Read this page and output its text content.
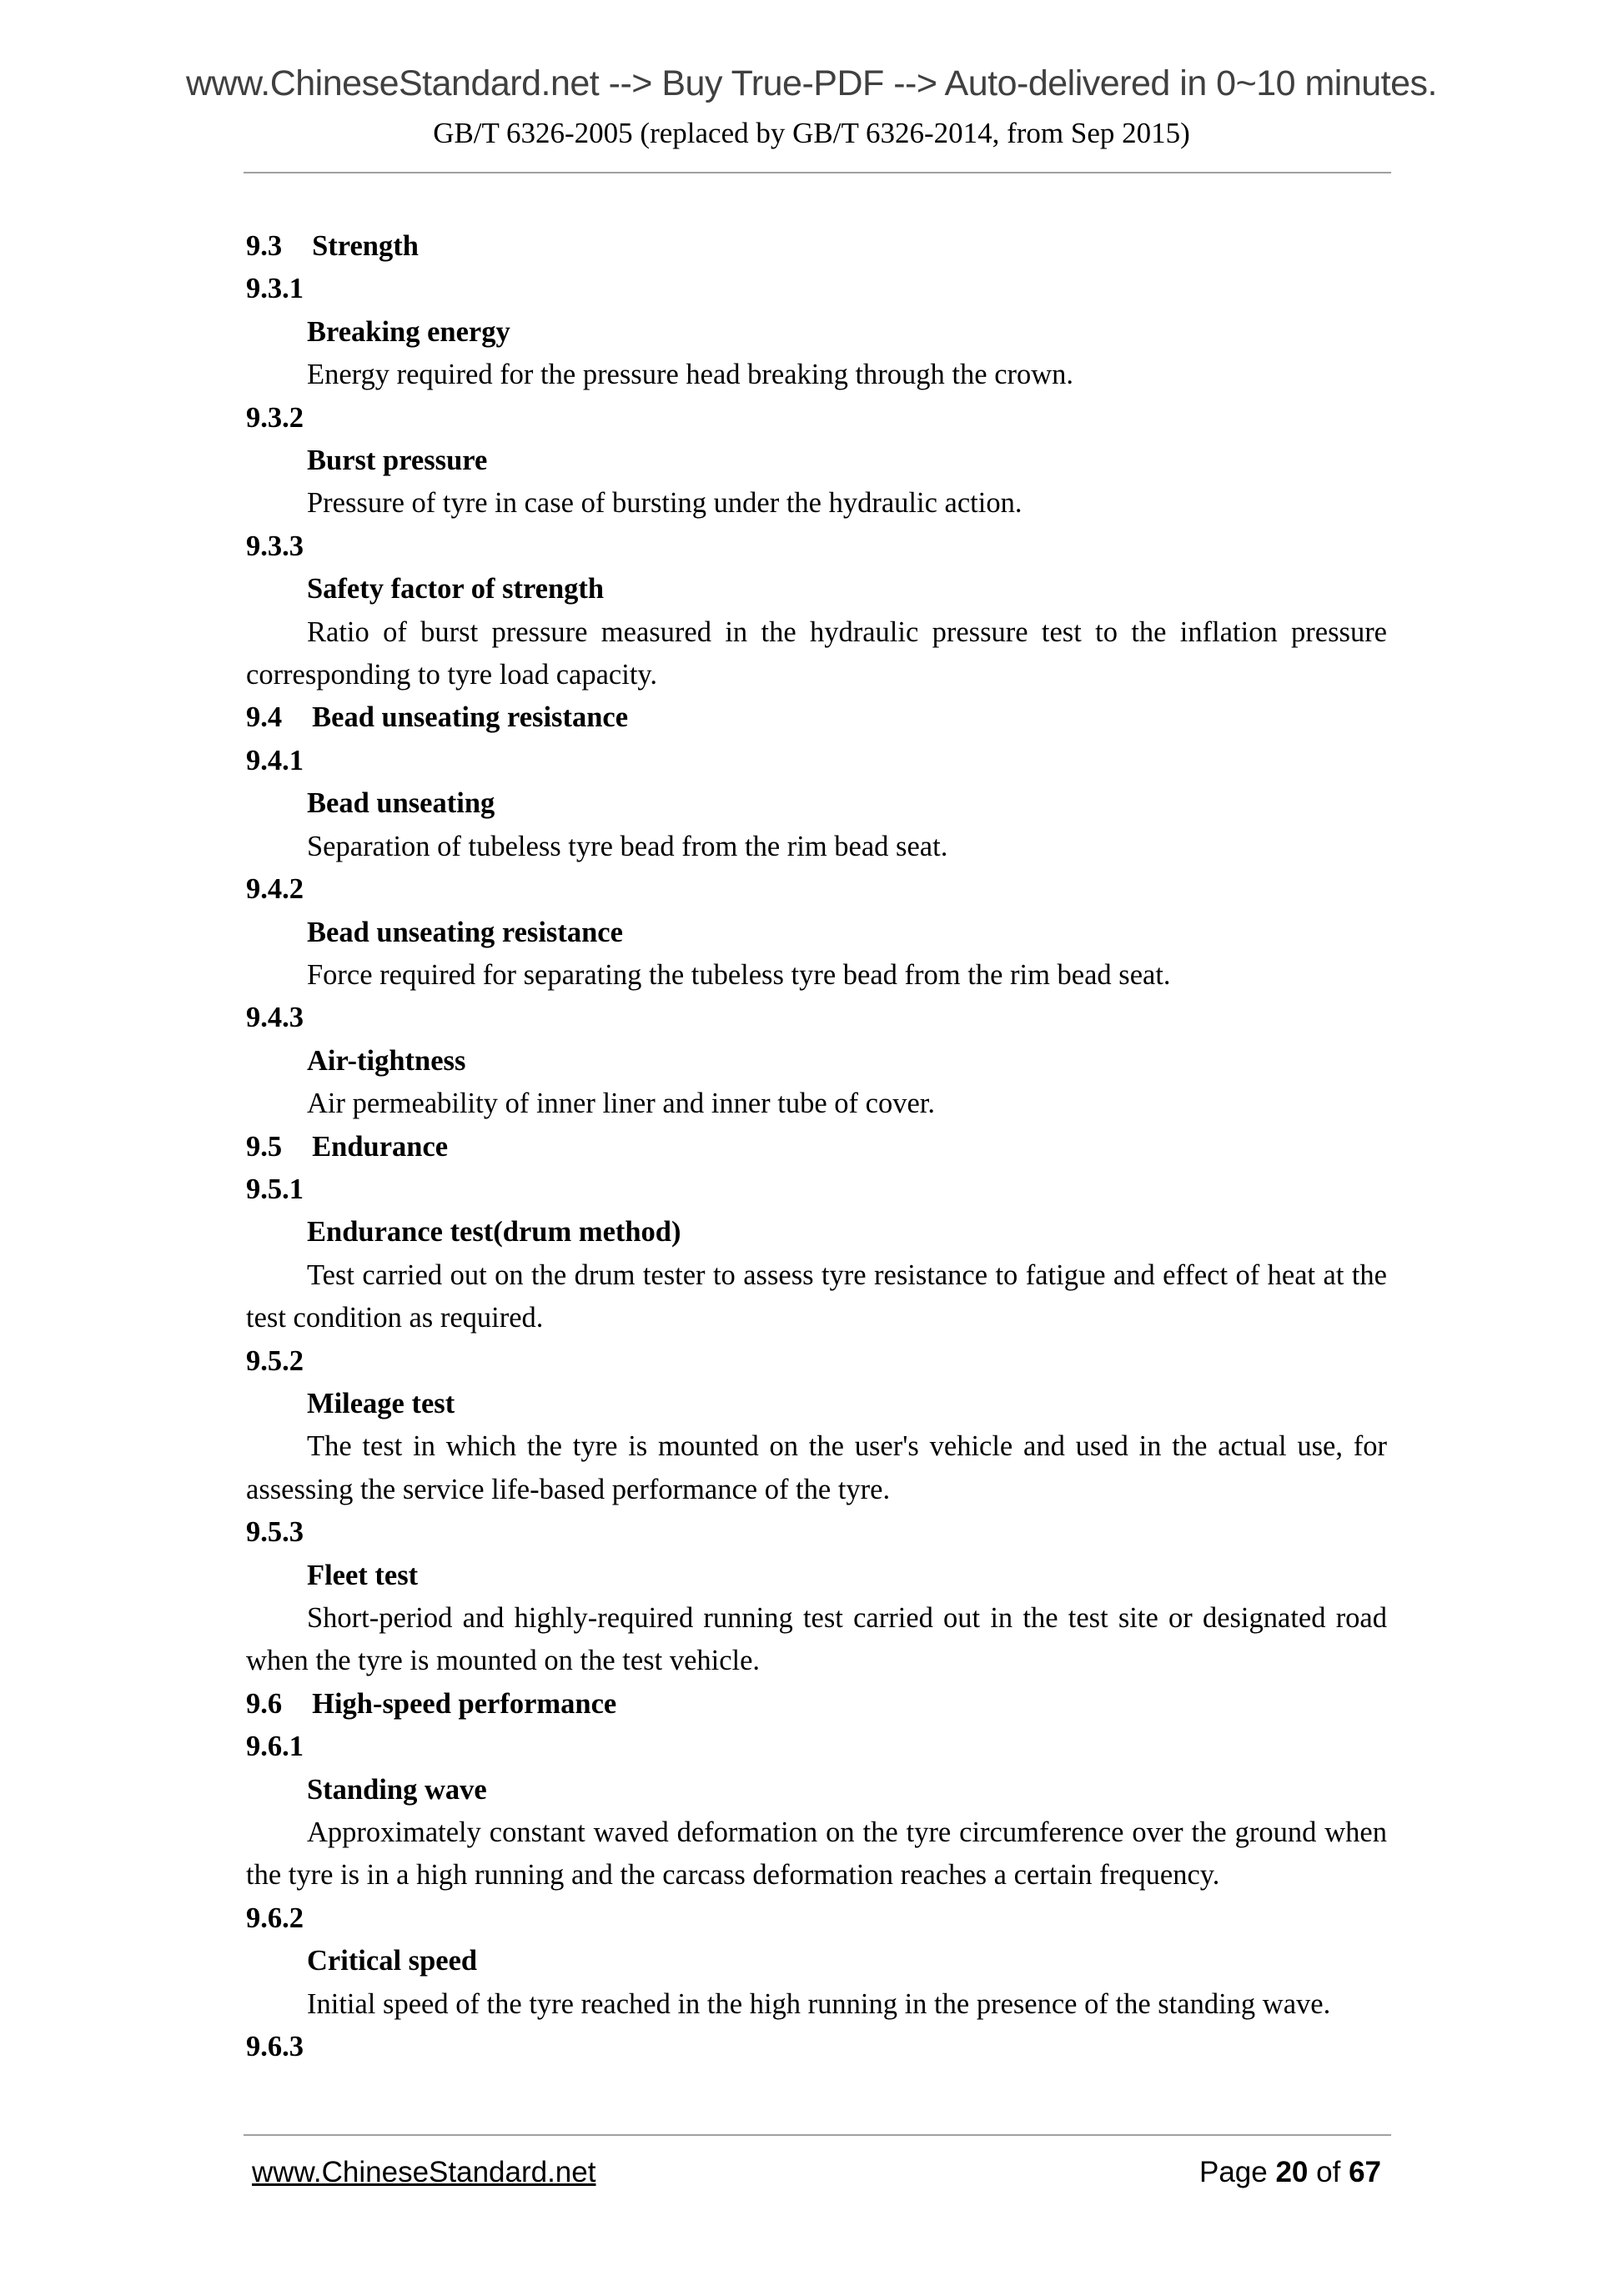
www.ChineseStandard.net --> Buy True-PDF --> Auto-delivered in 0~10 minutes.
GB/T 6326-2005 (replaced by GB/T 6326-2014, from Sep 2015)

9.3 Strength

9.3.1

Breaking energy

Energy required for the pressure head breaking through the crown.

9.3.2

Burst pressure

Pressure of tyre in case of bursting under the hydraulic action.

9.3.3

Safety factor of strength

Ratio of burst pressure measured in the hydraulic pressure test to the inflation pressure corresponding to tyre load capacity.

9.4 Bead unseating resistance

9.4.1

Bead unseating

Separation of tubeless tyre bead from the rim bead seat.

9.4.2

Bead unseating resistance

Force required for separating the tubeless tyre bead from the rim bead seat.

9.4.3

Air-tightness

Air permeability of inner liner and inner tube of cover.

9.5 Endurance

9.5.1

Endurance test(drum method)

Test carried out on the drum tester to assess tyre resistance to fatigue and effect of heat at the test condition as required.

9.5.2

Mileage test

The test in which the tyre is mounted on the user's vehicle and used in the actual use, for assessing the service life-based performance of the tyre.

9.5.3

Fleet test

Short-period and highly-required running test carried out in the test site or designated road when the tyre is mounted on the test vehicle.

9.6 High-speed performance

9.6.1

Standing wave

Approximately constant waved deformation on the tyre circumference over the ground when the tyre is in a high running and the carcass deformation reaches a certain frequency.

9.6.2

Critical speed

Initial speed of the tyre reached in the high running in the presence of the standing wave.

9.6.3

www.ChineseStandard.net	Page 20 of 67
